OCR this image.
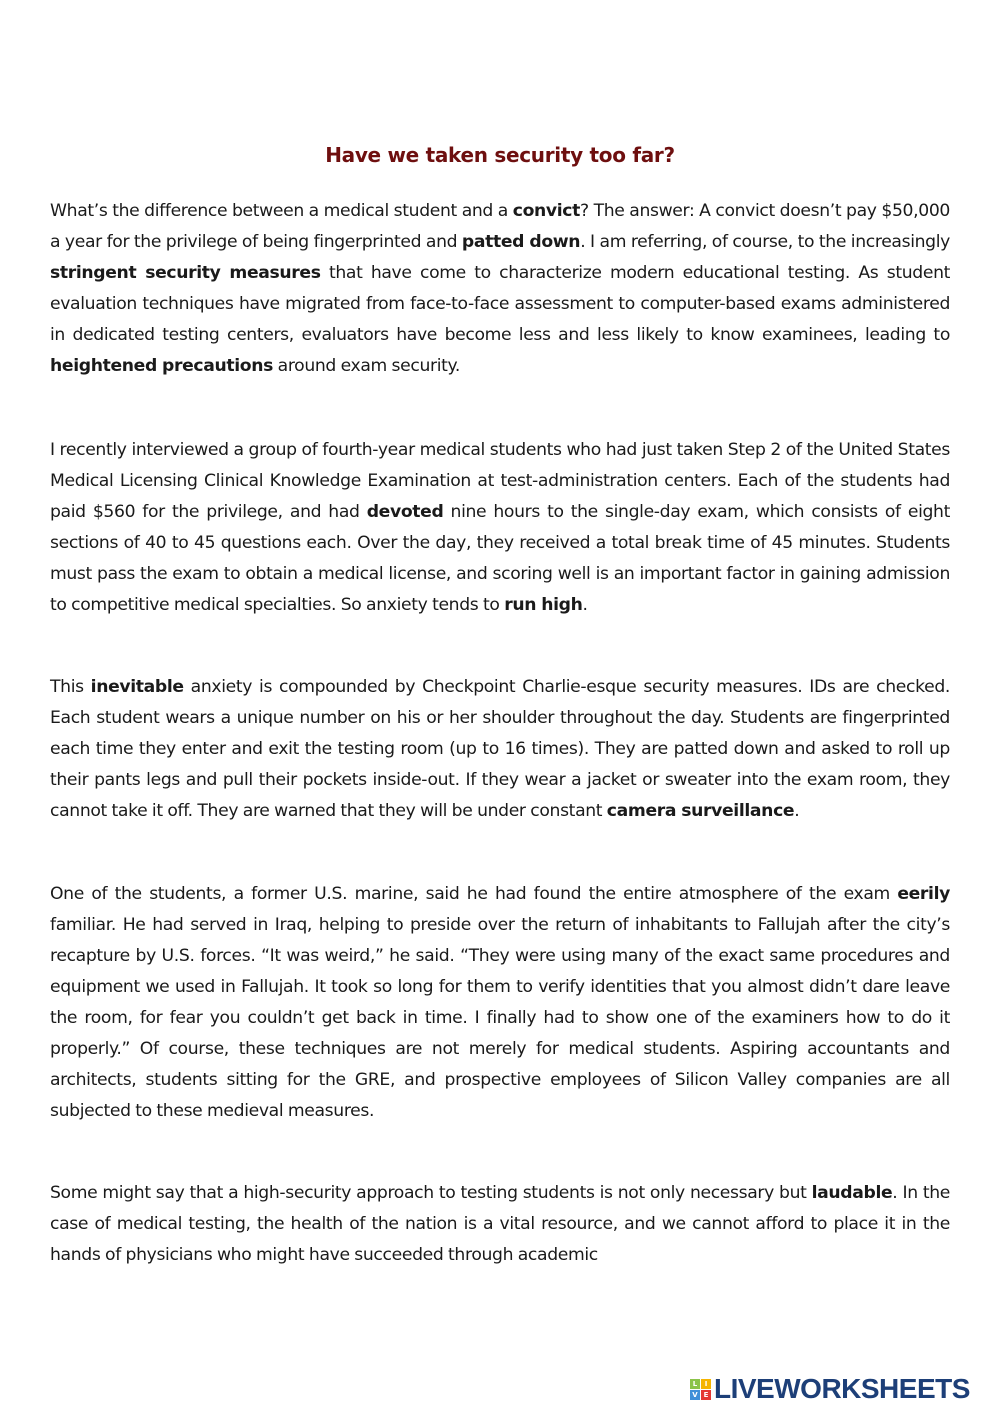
Have we taken security too far?

What’s the difference between a medical student and a convict? The answer: A convict doesn’t pay $50,000 a year for the privilege of being fingerprinted and patted down. I am referring, of course, to the increasingly stringent security measures that have come to characterize modern educational testing. As student evaluation techniques have migrated from face-to-face assessment to computer-based exams administered in dedicated testing centers, evaluators have become less and less likely to know examinees, leading to heightened precautions around exam security.

I recently interviewed a group of fourth-year medical students who had just taken Step 2 of the United States Medical Licensing Clinical Knowledge Examination at test-administration centers. Each of the students had paid $560 for the privilege, and had devoted nine hours to the single-day exam, which consists of eight sections of 40 to 45 questions each. Over the day, they received a total break time of 45 minutes. Students must pass the exam to obtain a medical license, and scoring well is an important factor in gaining admission to competitive medical specialties. So anxiety tends to run high.

This inevitable anxiety is compounded by Checkpoint Charlie-esque security measures. IDs are checked. Each student wears a unique number on his or her shoulder throughout the day. Students are fingerprinted each time they enter and exit the testing room (up to 16 times). They are patted down and asked to roll up their pants legs and pull their pockets inside-out. If they wear a jacket or sweater into the exam room, they cannot take it off. They are warned that they will be under constant camera surveillance.

One of the students, a former U.S. marine, said he had found the entire atmosphere of the exam eerily familiar. He had served in Iraq, helping to preside over the return of inhabitants to Fallujah after the city’s recapture by U.S. forces. “It was weird,” he said. “They were using many of the exact same procedures and equipment we used in Fallujah. It took so long for them to verify identities that you almost didn’t dare leave the room, for fear you couldn’t get back in time. I finally had to show one of the examiners how to do it properly.” Of course, these techniques are not merely for medical students. Aspiring accountants and architects, students sitting for the GRE, and prospective employees of Silicon Valley companies are all subjected to these medieval measures.

Some might say that a high-security approach to testing students is not only necessary but laudable. In the case of medical testing, the health of the nation is a vital resource, and we cannot afford to place it in the hands of physicians who might have succeeded through academic

L	I
V E LIVEWORKSHEETS
